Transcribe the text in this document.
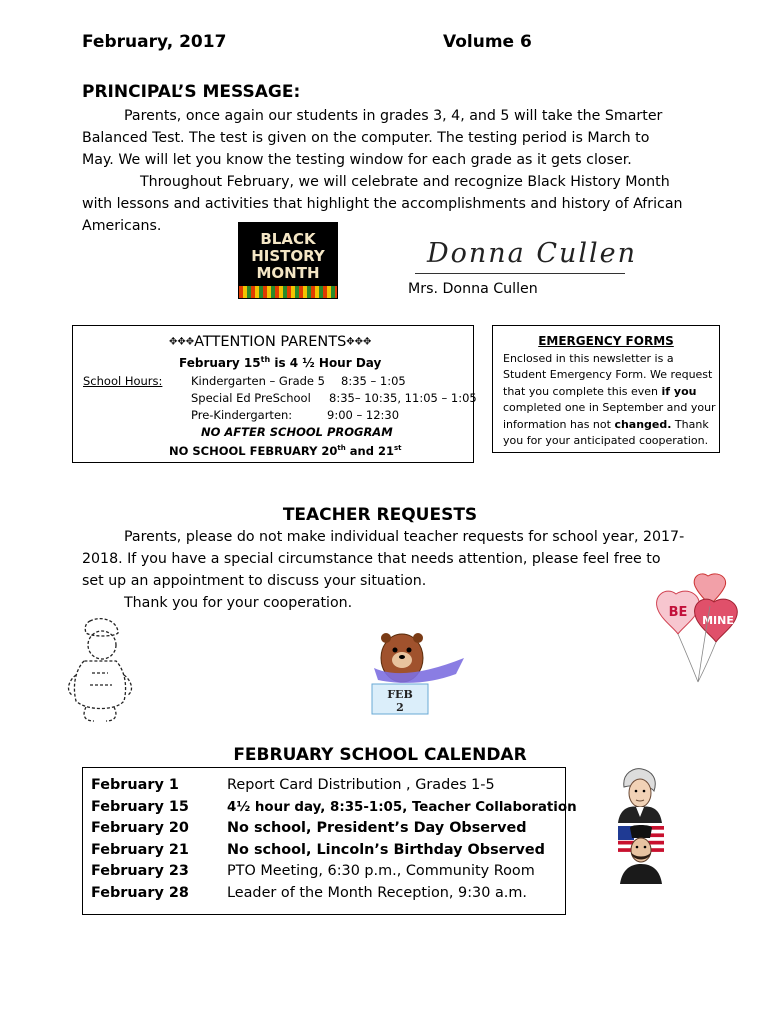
February, 2017	Volume 6
PRINCIPAL’S MESSAGE:
Parents, once again our students in grades 3, 4, and 5 will take the Smarter
Balanced Test. The test is given on the computer. The testing period is March to
May. We will let you know the testing window for each grade as it gets closer.
Throughout February, we will celebrate and recognize Black History Month
with lessons and activities that highlight the accomplishments and history of African
Americans.
BLACK
HISTORY
MONTH
Donna Cullen
Mrs. Donna Cullen
✥✥✥ATTENTION PARENTS✥✥✥
February 15th is 4 ½ Hour Day
School Hours: Kindergarten – Grade 5 8:35 – 1:05
Special Ed PreSchool 8:35– 10:35, 11:05 – 1:05
Pre-Kindergarten:	9:00 – 12:30
NO AFTER SCHOOL PROGRAM
NO SCHOOL FEBRUARY 20th and 21st
EMERGENCY FORMS
Enclosed in this newsletter is a
Student Emergency Form. We request
that you complete this even if you
completed one in September and your
information has not changed. Thank
you for your anticipated cooperation.
TEACHER REQUESTS
Parents, please do not make individual teacher requests for school year, 2017-
2018. If you have a special circumstance that needs attention, please feel free to
set up an appointment to discuss your situation.
Thank you for your cooperation.
BE
MINE
FEB
2
FEBRUARY SCHOOL CALENDAR
February 1	Report Card Distribution , Grades 1-5
February 15	4½ hour day, 8:35-1:05, Teacher Collaboration
February 20	No school, President’s Day Observed
February 21	No school, Lincoln’s Birthday Observed
February 23	PTO Meeting, 6:30 p.m., Community Room
February 28	Leader of the Month Reception, 9:30 a.m.
